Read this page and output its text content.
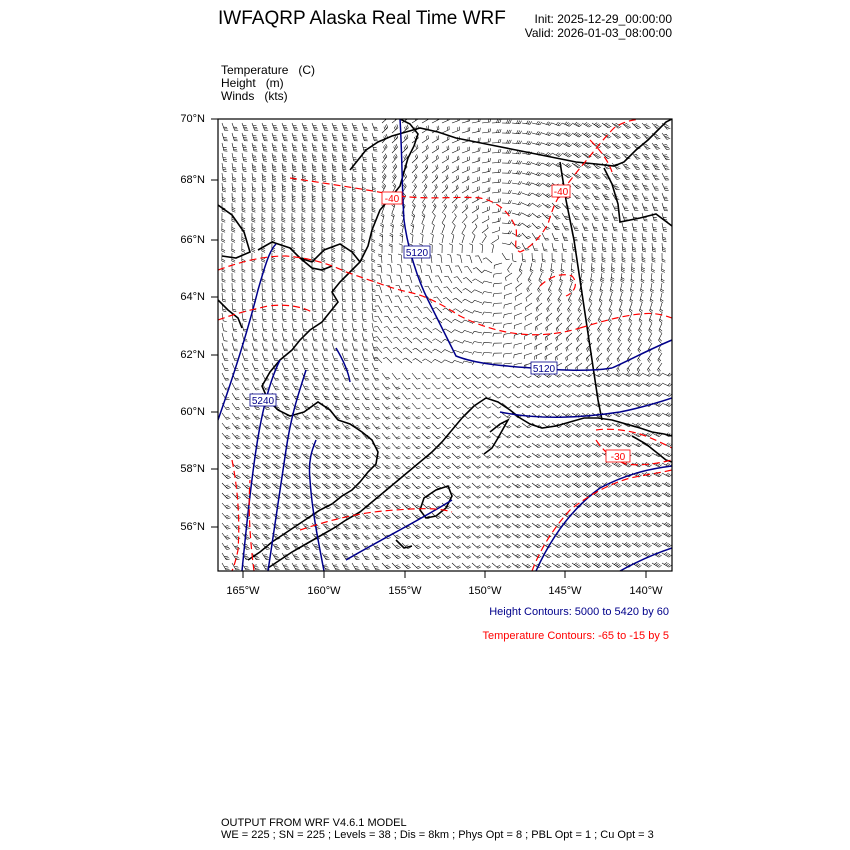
IWFAQRP Alaska Real Time WRF	Init: 2025-12-29_00:00:00
Valid: 2026-01-03_08:00:00
Temperature   (C)
Height   (m)
Winds   (kts)
5120
5120
5240
-40
-40
-30
70°N
68°N
66°N
64°N
62°N
60°N
58°N
56°N
165°W	160°W	155°W	150°W	145°W	140°W
Height Contours: 5000 to 5420 by 60
Temperature Contours: -65 to -15 by 5
OUTPUT FROM WRF V4.6.1 MODEL
WE = 225 ; SN = 225 ; Levels = 38 ; Dis = 8km ; Phys Opt = 8 ; PBL Opt = 1 ; Cu Opt = 3
